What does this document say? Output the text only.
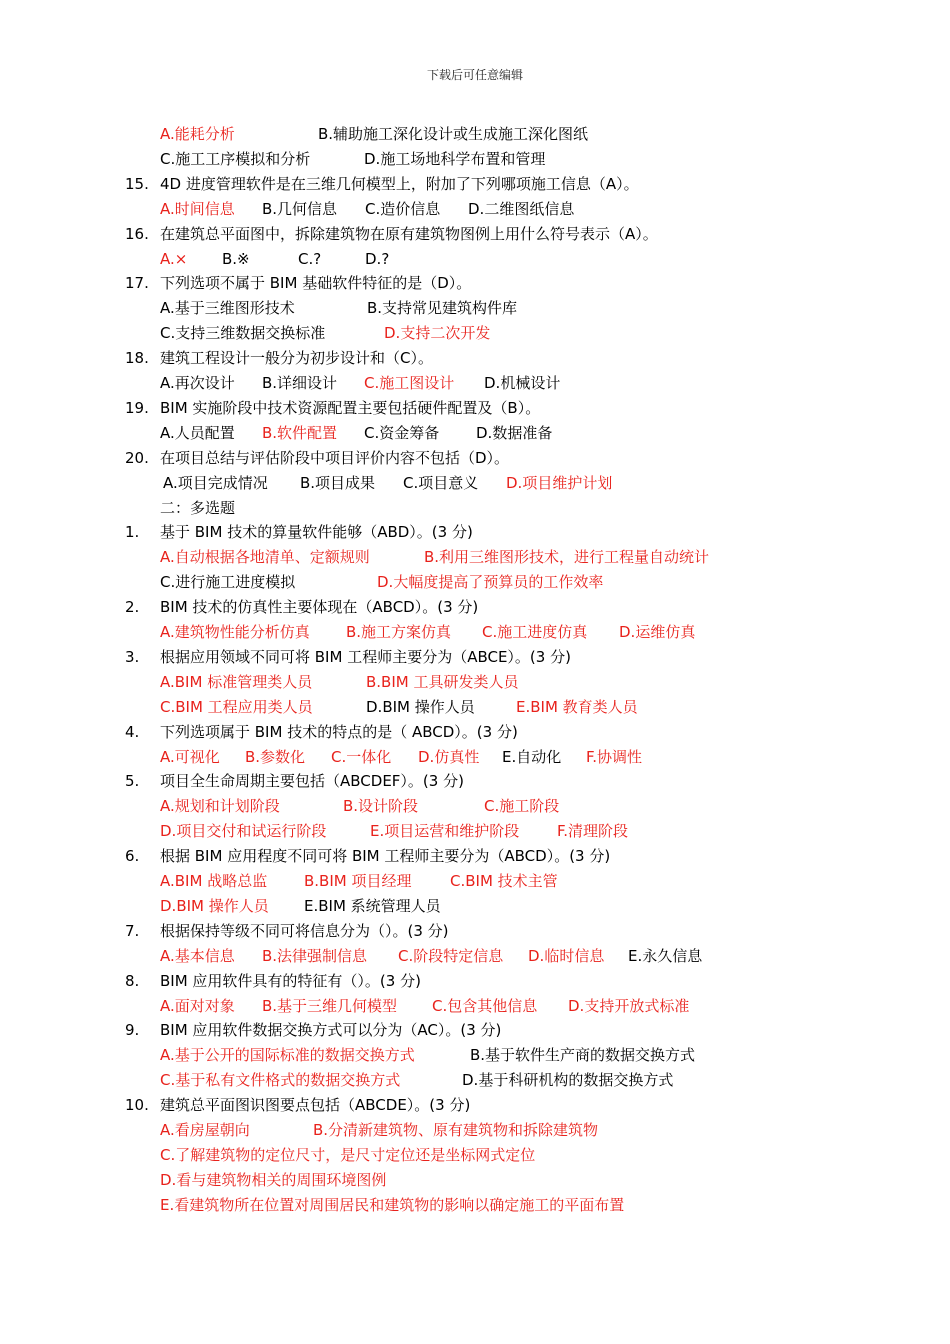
下载后可任意编辑
A.能耗分析	B.辅助施工深化设计或生成施工深化图纸
C.施工工序模拟和分析	D.施工场地科学布置和管理
15. 4D 进度管理软件是在三维几何模型上，附加了下列哪项施工信息（A）。
A.时间信息 B.几何信息 C.造价信息 D.二维图纸信息
16. 在建筑总平面图中，拆除建筑物在原有建筑物图例上用什么符号表示（A）。
A.× B.※	C.?	D.?
17. 下列选项不属于 BIM 基础软件特征的是（D）。
A.基于三维图形技术	B.支持常见建筑构件库
C.支持三维数据交换标准	D.支持二次开发
18. 建筑工程设计一般分为初步设计和（C）。
A.再次设计 B.详细设计 C.施工图设计 D.机械设计
19. BIM 实施阶段中技术资源配置主要包括硬件配置及（B）。
A.人员配置 B.软件配置 C.资金筹备 D.数据准备
20. 在项目总结与评估阶段中项目评价内容不包括（D）。
A.项目完成情况 B.项目成果 C.项目意义 D.项目维护计划
二：多选题
1.	基于 BIM 技术的算量软件能够（ABD）。(3 分)
A.自动根据各地清单、定额规则	B.利用三维图形技术，进行工程量自动统计
C.进行施工进度模拟	D.大幅度提高了预算员的工作效率
2.	BIM 技术的仿真性主要体现在（ABCD）。(3 分)
A.建筑物性能分析仿真 B.施工方案仿真 C.施工进度仿真 D.运维仿真
3.	根据应用领域不同可将 BIM 工程师主要分为（ABCE）。(3 分)
A.BIM 标准管理类人员	B.BIM 工具研发类人员
C.BIM 工程应用类人员	D.BIM 操作人员	E.BIM 教育类人员
4.	下列选项属于 BIM 技术的特点的是（ ABCD）。(3 分)
A.可视化 B.参数化 C.一体化 D.仿真性 E.自动化 F.协调性
5.	项目全生命周期主要包括（ABCDEF）。(3 分)
A.规划和计划阶段	B.设计阶段	C.施工阶段
D.项目交付和试运行阶段	E.项目运营和维护阶段	F.清理阶段
6.	根据 BIM 应用程度不同可将 BIM 工程师主要分为（ABCD）。(3 分)
A.BIM 战略总监 B.BIM 项目经理	C.BIM 技术主管
D.BIM 操作人员 E.BIM 系统管理人员
7.	根据保持等级不同可将信息分为（）。(3 分)
A.基本信息 B.法律强制信息 C.阶段特定信息 D.临时信息 E.永久信息
8.	BIM 应用软件具有的特征有（）。(3 分)
A.面对对象 B.基于三维几何模型 C.包含其他信息 D.支持开放式标准
9.	BIM 应用软件数据交换方式可以分为（AC）。(3 分)
A.基于公开的国际标准的数据交换方式	B.基于软件生产商的数据交换方式
C.基于私有文件格式的数据交换方式	D.基于科研机构的数据交换方式
10. 建筑总平面图识图要点包括（ABCDE）。(3 分)
A.看房屋朝向	B.分清新建筑物、原有建筑物和拆除建筑物
C.了解建筑物的定位尺寸，是尺寸定位还是坐标网式定位
D.看与建筑物相关的周围环境图例
E.看建筑物所在位置对周围居民和建筑物的影响以确定施工的平面布置
